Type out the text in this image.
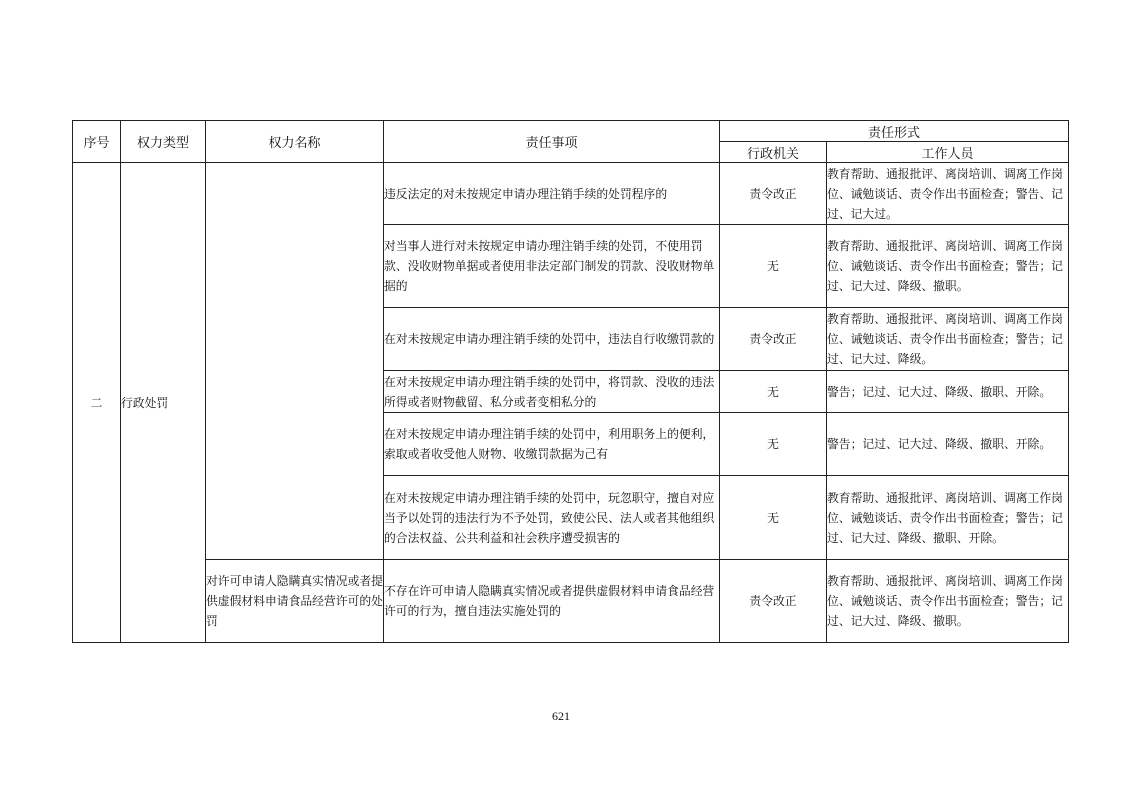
序号	权力类型	权力名称	责任事项	责任形式	
				行政机关	工作人员
二	行政处罚		违反法定的对未按规定申请办理注销手续的处罚程序的	责令改正	教育帮助、通报批评、离岗培训、调离工作岗位、诫勉谈话、责令作出书面检查；警告、记过、记大过。
			对当事人进行对未按规定申请办理注销手续的处罚，不使用罚款、没收财物单据或者使用非法定部门制发的罚款、没收财物单据的	无	教育帮助、通报批评、离岗培训、调离工作岗位、诫勉谈话、责令作出书面检查；警告；记过、记大过、降级、撤职。
			在对未按规定申请办理注销手续的处罚中，违法自行收缴罚款的	责令改正	教育帮助、通报批评、离岗培训、调离工作岗位、诫勉谈话、责令作出书面检查；警告；记过、记大过、降级。
			在对未按规定申请办理注销手续的处罚中，将罚款、没收的违法所得或者财物截留、私分或者变相私分的	无	警告；记过、记大过、降级、撤职、开除。
			在对未按规定申请办理注销手续的处罚中，利用职务上的便利，索取或者收受他人财物、收缴罚款据为己有	无	警告；记过、记大过、降级、撤职、开除。
			在对未按规定申请办理注销手续的处罚中，玩忽职守，擅自对应当予以处罚的违法行为不予处罚，致使公民、法人或者其他组织的合法权益、公共利益和社会秩序遭受损害的	无	教育帮助、通报批评、离岗培训、调离工作岗位、诫勉谈话、责令作出书面检查；警告；记过、记大过、降级、撤职、开除。
		对许可申请人隐瞒真实情况或者提供虚假材料申请食品经营许可的处罚	不存在许可申请人隐瞒真实情况或者提供虚假材料申请食品经营许可的行为，擅自违法实施处罚的	责令改正	教育帮助、通报批评、离岗培训、调离工作岗位、诫勉谈话、责令作出书面检查；警告；记过、记大过、降级、撤职。
621
